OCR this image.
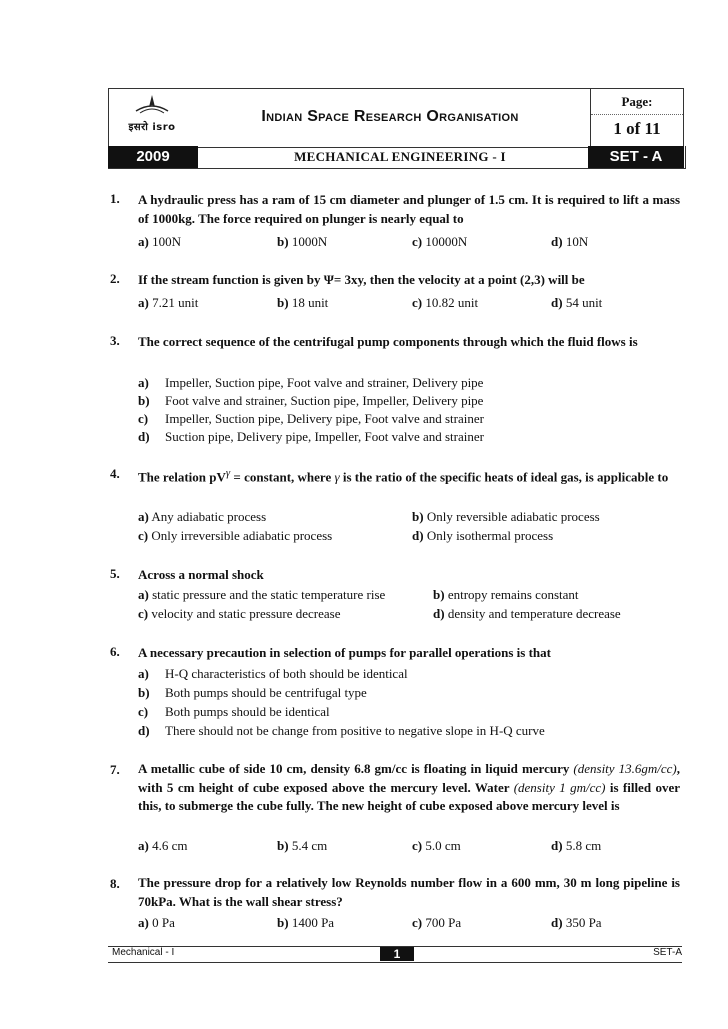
इसरो isro
Indian Space Research Organisation
Page:
1 of 11
2009	MECHANICAL ENGINEERING - I	SET - A
1. A hydraulic press has a ram of 15 cm diameter and plunger of 1.5 cm. It is required to lift a mass of 1000kg. The force required on plunger is nearly equal to
a) 100N	b) 1000N	c) 10000N	d) 10N
2. If the stream function is given by Ψ= 3xy, then the velocity at a point (2,3) will be
a) 7.21 unit	b) 18 unit	c) 10.82 unit	d) 54 unit
3. The correct sequence of the centrifugal pump components through which the fluid flows is
a) Impeller, Suction pipe, Foot valve and strainer, Delivery pipe
b) Foot valve and strainer, Suction pipe, Impeller, Delivery pipe
c) Impeller, Suction pipe, Delivery pipe, Foot valve and strainer
d) Suction pipe, Delivery pipe, Impeller, Foot valve and strainer
4. The relation $pV^\gamma$ = constant, where γ is the ratio of the specific heats of ideal gas, is applicable to
a) Any adiabatic process	b) Only reversible adiabatic process
c) Only irreversible adiabatic process	d) Only isothermal process
5. Across a normal shock
a) static pressure and the static temperature rise	b) entropy remains constant
c) velocity and static pressure decrease	d) density and temperature decrease
6. A necessary precaution in selection of pumps for parallel operations is that
a) H-Q characteristics of both should be identical
b) Both pumps should be centrifugal type
c) Both pumps should be identical
d) There should not be change from positive to negative slope in H-Q curve
7. A metallic cube of side 10 cm, density 6.8 gm/cc is floating in liquid mercury (density 13.6gm/cc), with 5 cm height of cube exposed above the mercury level. Water (density 1 gm/cc) is filled over this, to submerge the cube fully. The new height of cube exposed above mercury level is
a) 4.6 cm	b) 5.4 cm	c) 5.0 cm	d) 5.8 cm
8. The pressure drop for a relatively low Reynolds number flow in a 600 mm, 30 m long pipeline is 70kPa. What is the wall shear stress?
a) 0 Pa	b) 1400 Pa	c) 700 Pa	d) 350 Pa
Mechanical - I	1	SET-A
